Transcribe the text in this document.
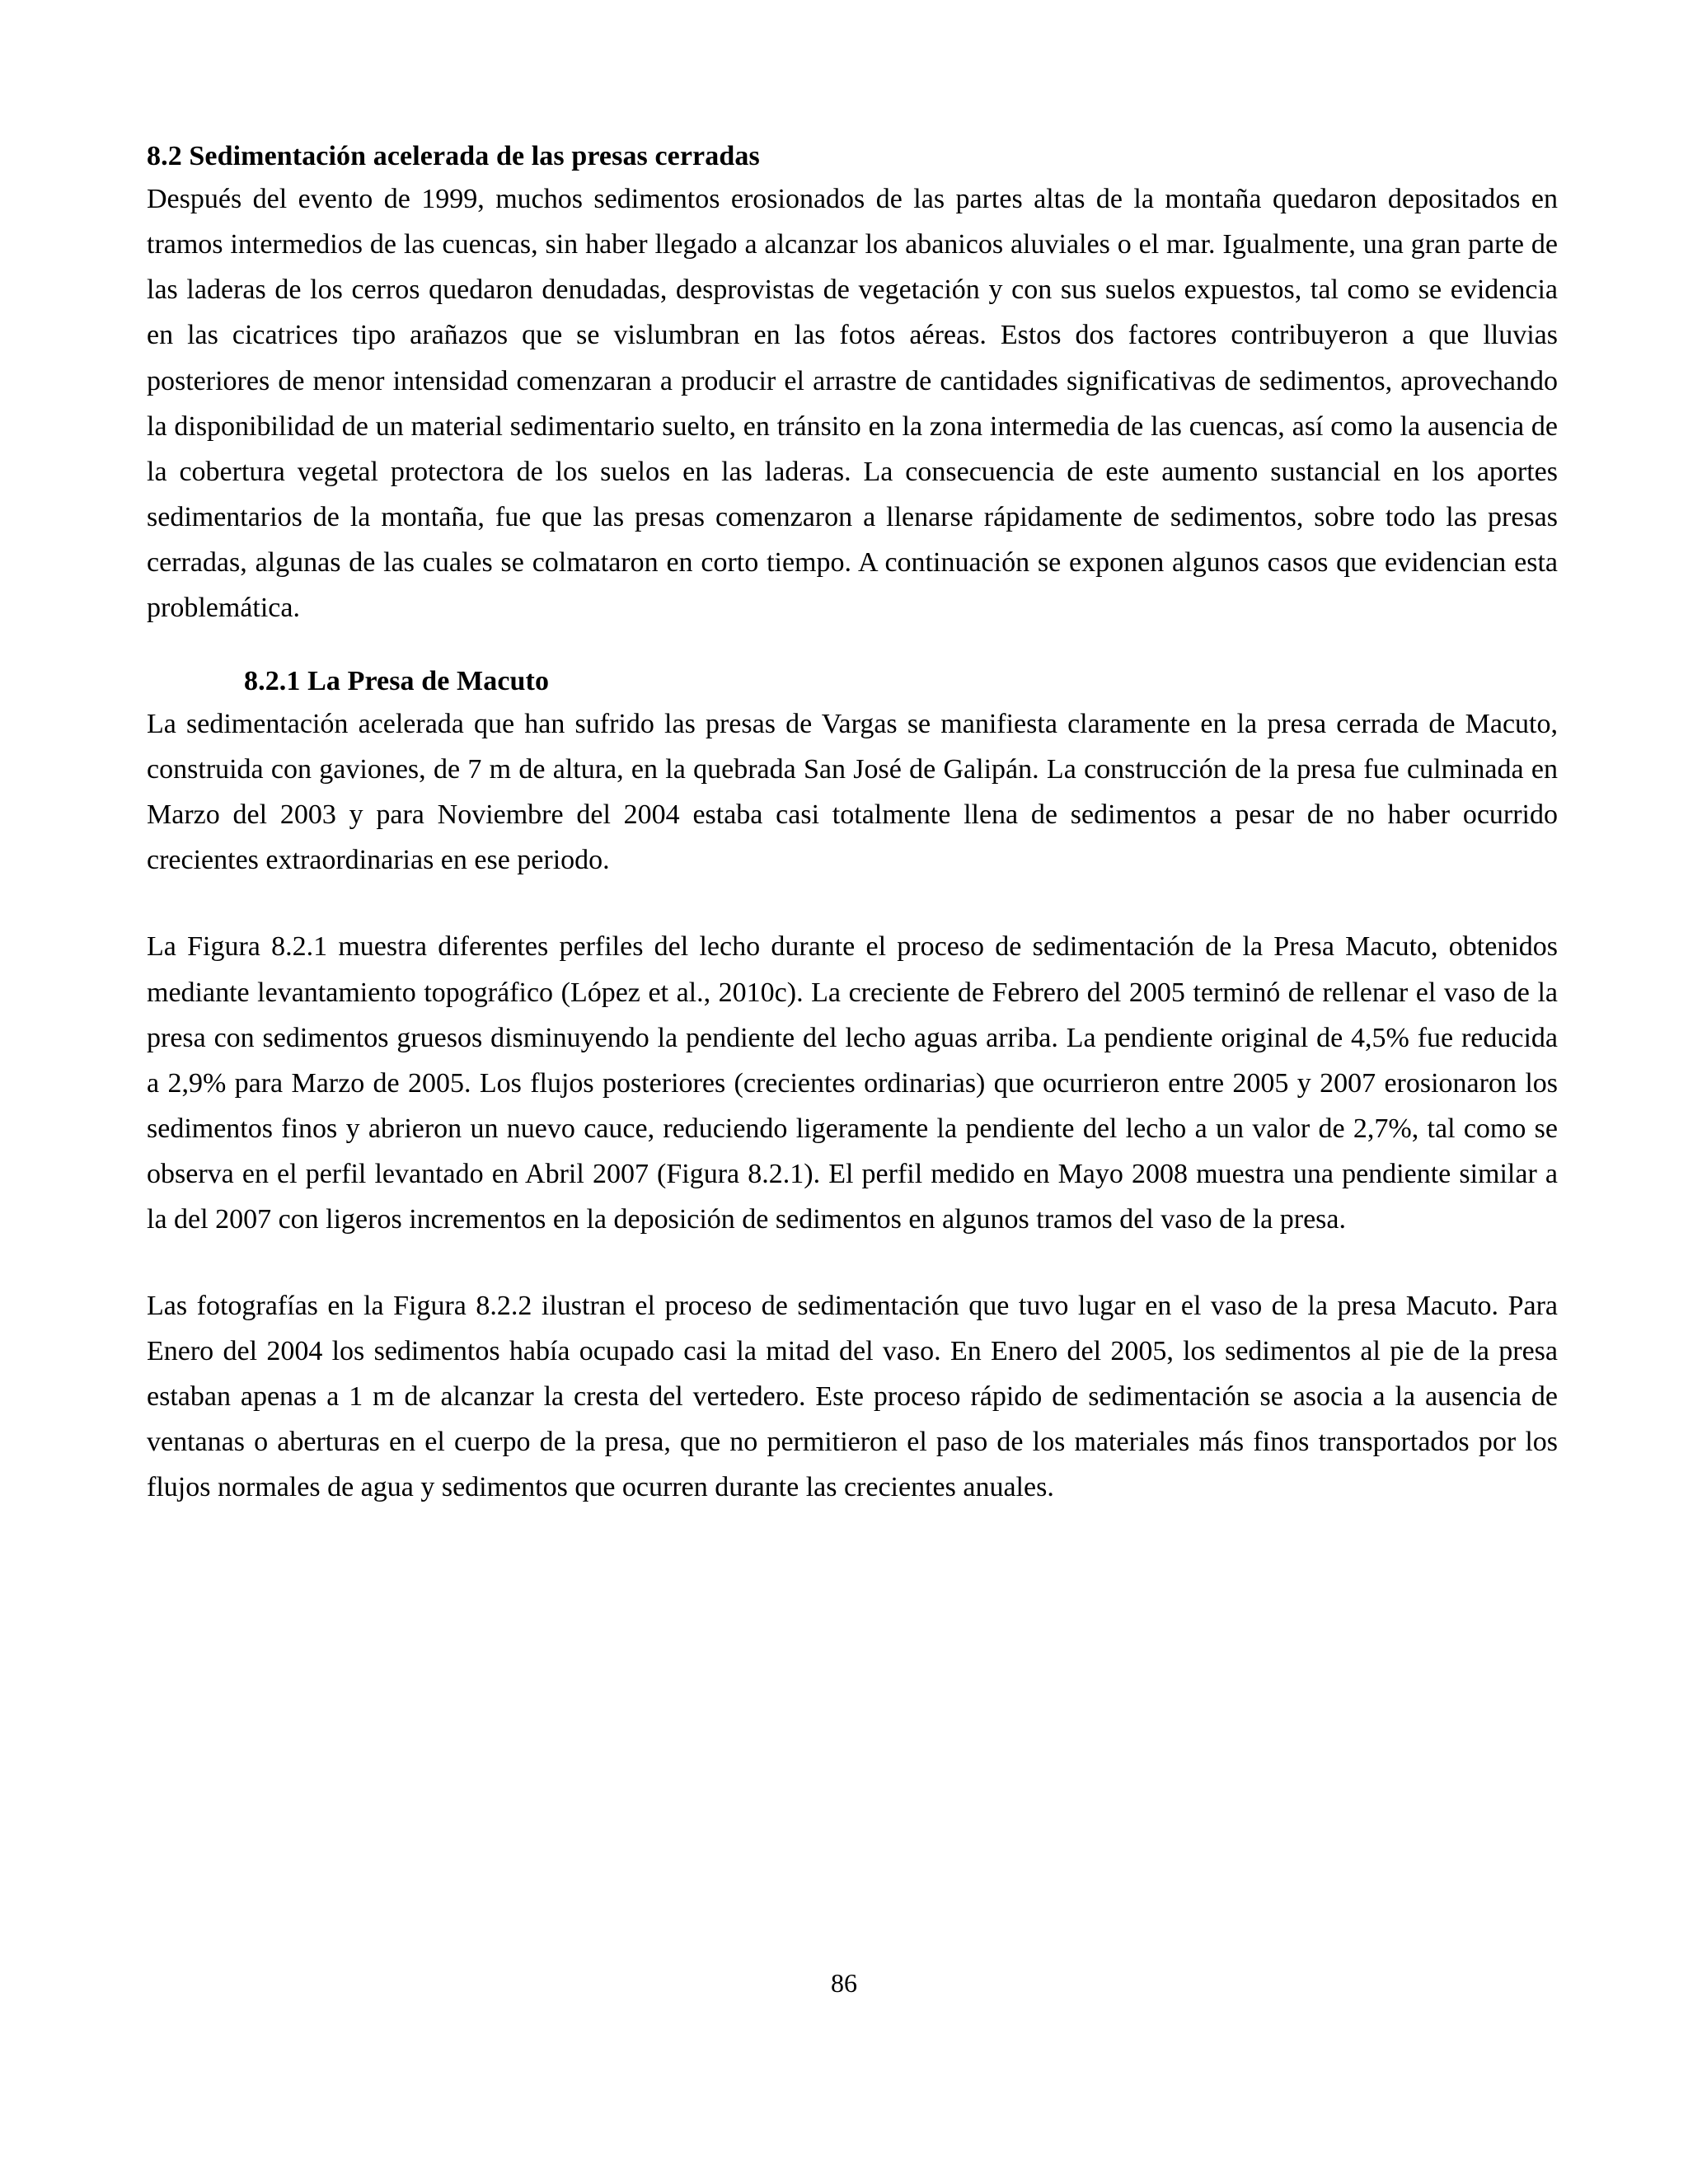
8.2 Sedimentación acelerada de las presas cerradas

Después del evento de 1999, muchos sedimentos erosionados de las partes altas de la montaña quedaron depositados en tramos intermedios de las cuencas, sin haber llegado a alcanzar los abanicos aluviales o el mar. Igualmente, una gran parte de las laderas de los cerros quedaron denudadas, desprovistas de vegetación y con sus suelos expuestos, tal como se evidencia en las cicatrices tipo arañazos que se vislumbran en las fotos aéreas. Estos dos factores contribuyeron a que lluvias posteriores de menor intensidad comenzaran a producir el arrastre de cantidades significativas de sedimentos, aprovechando la disponibilidad de un material sedimentario suelto, en tránsito en la zona intermedia de las cuencas, así como la ausencia de la cobertura vegetal protectora de los suelos en las laderas. La consecuencia de este aumento sustancial en los aportes sedimentarios de la montaña, fue que las presas comenzaron a llenarse rápidamente de sedimentos, sobre todo las presas cerradas, algunas de las cuales se colmataron en corto tiempo. A continuación se exponen algunos casos que evidencian esta problemática.

8.2.1 La Presa de Macuto

La sedimentación acelerada que han sufrido las presas de Vargas se manifiesta claramente en la presa cerrada de Macuto, construida con gaviones, de 7 m de altura, en la quebrada San José de Galipán. La construcción de la presa fue culminada en Marzo del 2003 y para Noviembre del 2004 estaba casi totalmente llena de sedimentos a pesar de no haber ocurrido crecientes extraordinarias en ese periodo.

La Figura 8.2.1 muestra diferentes perfiles del lecho durante el proceso de sedimentación de la Presa Macuto, obtenidos mediante levantamiento topográfico (López et al., 2010c). La creciente de Febrero del 2005 terminó de rellenar el vaso de la presa con sedimentos gruesos disminuyendo la pendiente del lecho aguas arriba. La pendiente original de 4,5% fue reducida a 2,9% para Marzo de 2005. Los flujos posteriores (crecientes ordinarias) que ocurrieron entre 2005 y 2007 erosionaron los sedimentos finos y abrieron un nuevo cauce, reduciendo ligeramente la pendiente del lecho a un valor de 2,7%, tal como se observa en el perfil levantado en Abril 2007 (Figura 8.2.1). El perfil medido en Mayo 2008 muestra una pendiente similar a la del 2007 con ligeros incrementos en la deposición de sedimentos en algunos tramos del vaso de la presa.

Las fotografías en la Figura 8.2.2 ilustran el proceso de sedimentación que tuvo lugar en el vaso de la presa Macuto. Para Enero del 2004 los sedimentos había ocupado casi la mitad del vaso. En Enero del 2005, los sedimentos al pie de la presa estaban apenas a 1 m de alcanzar la cresta del vertedero. Este proceso rápido de sedimentación se asocia a la ausencia de ventanas o aberturas en el cuerpo de la presa, que no permitieron el paso de los materiales más finos transportados por los flujos normales de agua y sedimentos que ocurren durante las crecientes anuales.

86
